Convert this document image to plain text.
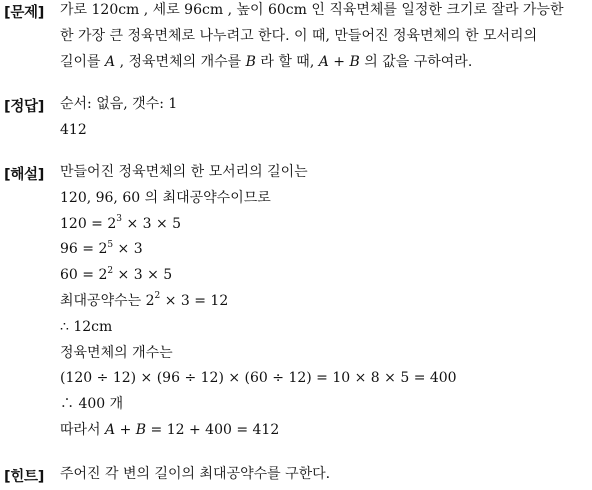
[문제] 가로 120cm , 세로 96cm , 높이 60cm 인 직육면체를 일정한 크기로 잘라 가능한
한 가장 큰 정육면체로 나누려고 한다. 이 때, 만들어진 정육면체의 한 모서리의
길이를 A , 정육면체의 개수를 B 라 할 때, A + B 의 값을 구하여라.
[정답] 순서: 없음, 갯수: 1
412
[해설] 만들어진 정육면체의 한 모서리의 길이는
120, 96, 60 의 최대공약수이므로
$120 = 2^3 \times 3 \times 5$
$96 = 2^5 \times 3$
$60 = 2^2 \times 3 \times 5$
최대공약수는 $2^2 \times 3 = 12$
∴ 12cm
정육면체의 개수는
(120 ÷ 12) × (96 ÷ 12) × (60 ÷ 12) = 10 × 8 × 5 = 400
∴ 400 개
따라서 A + B = 12 + 400 = 412
[힌트] 주어진 각 변의 길이의 최대공약수를 구한다.
